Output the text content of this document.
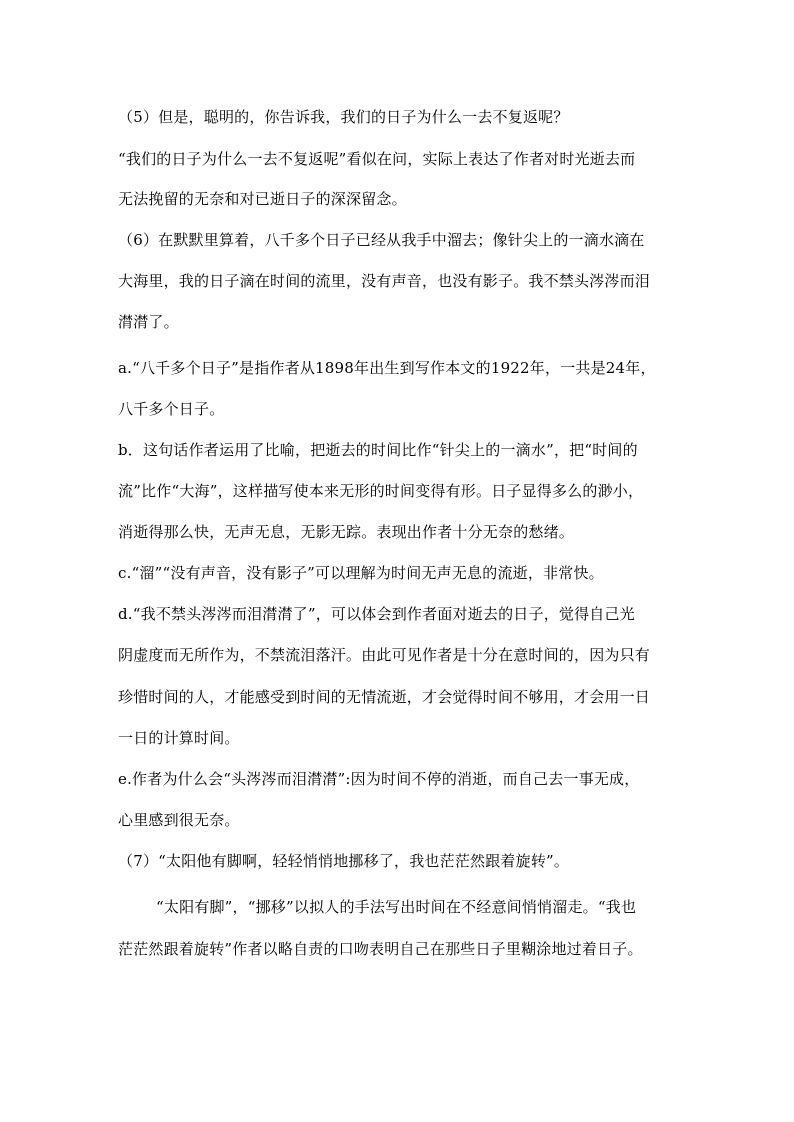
（5）但是，聪明的，你告诉我，我们的日子为什么一去不复返呢？
“我们的日子为什么一去不复返呢”看似在问，实际上表达了作者对时光逝去而
无法挽留的无奈和对已逝日子的深深留念。
（6）在默默里算着，八千多个日子已经从我手中溜去；像针尖上的一滴水滴在
大海里，我的日子滴在时间的流里，没有声音，也没有影子。我不禁头涔涔而泪
潸潸了。
a.“八千多个日子”是指作者从1898年出生到写作本文的1922年，一共是24年，
八千多个日子。
b．这句话作者运用了比喻，把逝去的时间比作“针尖上的一滴水”，把“时间的
流”比作“大海”，这样描写使本来无形的时间变得有形。日子显得多么的渺小，
消逝得那么快，无声无息，无影无踪。表现出作者十分无奈的愁绪。
c.“溜”“没有声音，没有影子”可以理解为时间无声无息的流逝，非常快。
d.“我不禁头涔涔而泪潸潸了”，可以体会到作者面对逝去的日子，觉得自己光
阴虚度而无所作为，不禁流泪落汗。由此可见作者是十分在意时间的，因为只有
珍惜时间的人，才能感受到时间的无情流逝，才会觉得时间不够用，才会用一日
一日的计算时间。
e.作者为什么会“头涔涔而泪潸潸”:因为时间不停的消逝，而自己去一事无成，
心里感到很无奈。
（7）“太阳他有脚啊，轻轻悄悄地挪移了，我也茫茫然跟着旋转”。
“太阳有脚”，“挪移”以拟人的手法写出时间在不经意间悄悄溜走。“我也
茫茫然跟着旋转”作者以略自责的口吻表明自己在那些日子里糊涂地过着日子。
